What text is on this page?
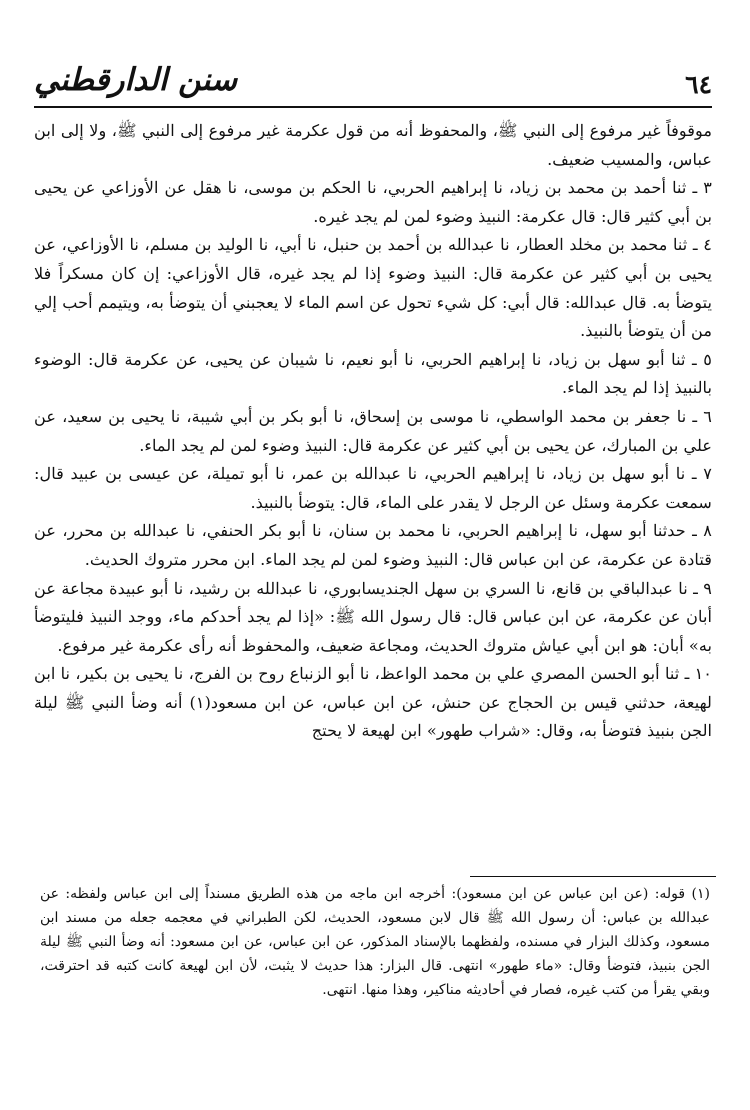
٦٤
سنن الدارقطني

موقوفاً غير مرفوع إلى النبي ﷺ، والمحفوظ أنه من قول عكرمة غير مرفوع إلى النبي ﷺ، ولا إلى ابن عباس، والمسيب ضعيف.

٣ ـ ثنا أحمد بن محمد بن زياد، نا إبراهيم الحربي، نا الحكم بن موسى، نا هقل عن الأوزاعي عن يحيى بن أبي كثير قال: قال عكرمة: النبيذ وضوء لمن لم يجد غيره.

٤ ـ ثنا محمد بن مخلد العطار، نا عبدالله بن أحمد بن حنبل، نا أبي، نا الوليد بن مسلم، نا الأوزاعي، عن يحيى بن أبي كثير عن عكرمة قال: النبيذ وضوء إذا لم يجد غيره، قال الأوزاعي: إن كان مسكراً فلا يتوضأ به. قال عبدالله: قال أبي: كل شيء تحول عن اسم الماء لا يعجبني أن يتوضأ به، ويتيمم أحب إلي من أن يتوضأ بالنبيذ.

٥ ـ ثنا أبو سهل بن زياد، نا إبراهيم الحربي، نا أبو نعيم، نا شيبان عن يحيى، عن عكرمة قال: الوضوء بالنبيذ إذا لم يجد الماء.

٦ ـ نا جعفر بن محمد الواسطي، نا موسى بن إسحاق، نا أبو بكر بن أبي شيبة، نا يحيى بن سعيد، عن علي بن المبارك، عن يحيى بن أبي كثير عن عكرمة قال: النبيذ وضوء لمن لم يجد الماء.

٧ ـ نا أبو سهل بن زياد، نا إبراهيم الحربي، نا عبدالله بن عمر، نا أبو تميلة، عن عيسى بن عبيد قال: سمعت عكرمة وسئل عن الرجل لا يقدر على الماء، قال: يتوضأ بالنبيذ.

٨ ـ حدثنا أبو سهل، نا إبراهيم الحربي، نا محمد بن سنان، نا أبو بكر الحنفي، نا عبدالله بن محرر، عن قتادة عن عكرمة، عن ابن عباس قال: النبيذ وضوء لمن لم يجد الماء. ابن محرر متروك الحديث.

٩ ـ نا عبدالباقي بن قانع، نا السري بن سهل الجنديسابوري، نا عبدالله بن رشيد، نا أبو عبيدة مجاعة عن أبان عن عكرمة، عن ابن عباس قال: قال رسول الله ﷺ: «إذا لم يجد أحدكم ماء، ووجد النبيذ فليتوضأ به» أبان: هو ابن أبي عياش متروك الحديث، ومجاعة ضعيف، والمحفوظ أنه رأى عكرمة غير مرفوع.

١٠ ـ ثنا أبو الحسن المصري علي بن محمد الواعظ، نا أبو الزنباع روح بن الفرج، نا يحيى بن بكير، نا ابن لهيعة، حدثني قيس بن الحجاج عن حنش، عن ابن عباس، عن ابن مسعود(١) أنه وضأ النبي ﷺ ليلة الجن بنبيذ فتوضأ به، وقال: «شراب طهور» ابن لهيعة لا يحتج

(١) قوله: (عن ابن عباس عن ابن مسعود): أخرجه ابن ماجه من هذه الطريق مسنداً إلى ابن عباس ولفظه: عن عبدالله بن عباس: أن رسول الله ﷺ قال لابن مسعود، الحديث، لكن الطبراني في معجمه جعله من مسند ابن مسعود، وكذلك البزار في مسنده، ولفظهما بالإسناد المذكور، عن ابن عباس، عن ابن مسعود: أنه وضأ النبي ﷺ ليلة الجن بنبيذ، فتوضأ وقال: «ماء طهور» انتهى. قال البزار: هذا حديث لا يثبت، لأن ابن لهيعة كانت كتبه قد احترقت، وبقي يقرأ من كتب غيره، فصار في أحاديثه مناكير، وهذا منها. انتهى.
